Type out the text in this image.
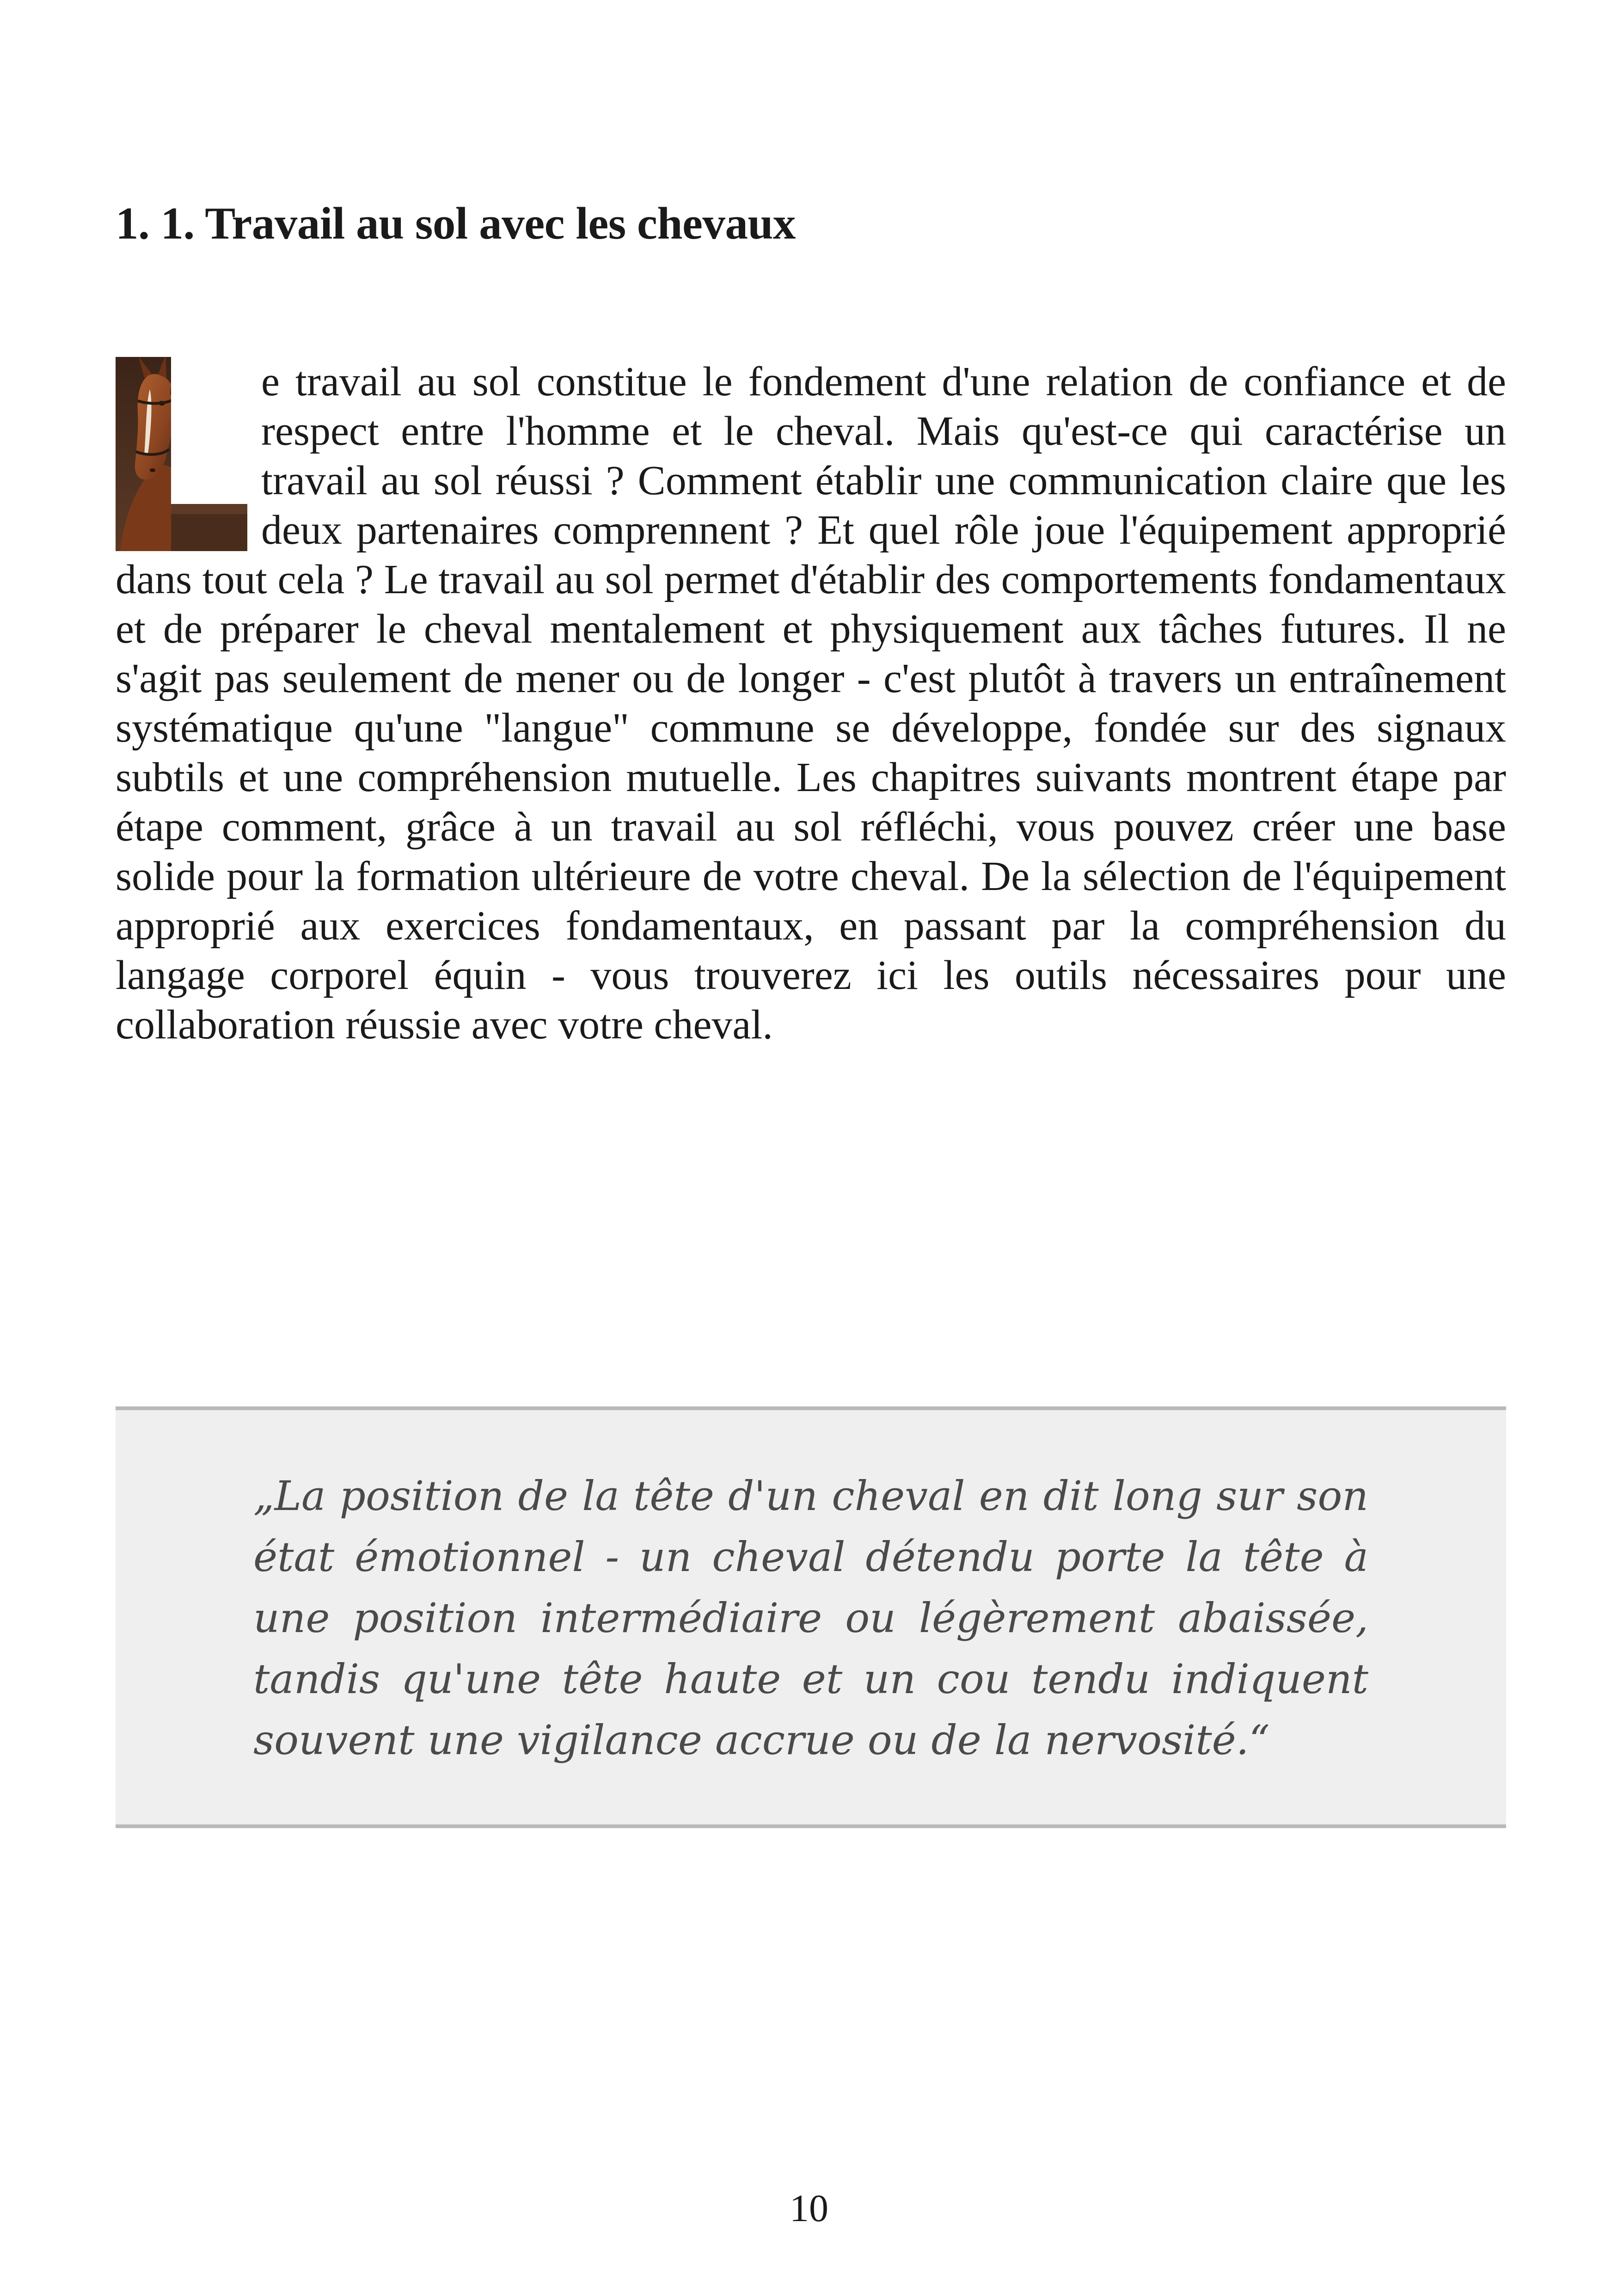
1. 1. Travail au sol avec les chevaux

e travail au sol constitue le fondement d'une relation de confiance et de respect entre l'homme et le cheval. Mais qu'est-ce qui caractérise un travail au sol réussi ? Comment établir une communication claire que les deux partenaires comprennent ? Et quel rôle joue l'équipement approprié dans tout cela ? Le travail au sol permet d'établir des comportements fondamentaux et de préparer le cheval mentalement et physiquement aux tâches futures. Il ne s'agit pas seulement de mener ou de longer - c'est plutôt à travers un entraînement systématique qu'une "langue" commune se développe, fondée sur des signaux subtils et une compréhension mutuelle. Les chapitres suivants montrent étape par étape comment, grâce à un travail au sol réfléchi, vous pouvez créer une base solide pour la formation ultérieure de votre cheval. De la sélection de l'équipement approprié aux exercices fondamentaux, en passant par la compréhension du langage corporel équin - vous trouverez ici les outils nécessaires pour une collaboration réussie avec votre cheval.

„La position de la tête d'un cheval en dit long sur son état émotionnel - un cheval détendu porte la tête à une position intermédiaire ou légèrement abaissée, tandis qu'une tête haute et un cou tendu indiquent souvent une vigilance accrue ou de la nervosité.“

10
